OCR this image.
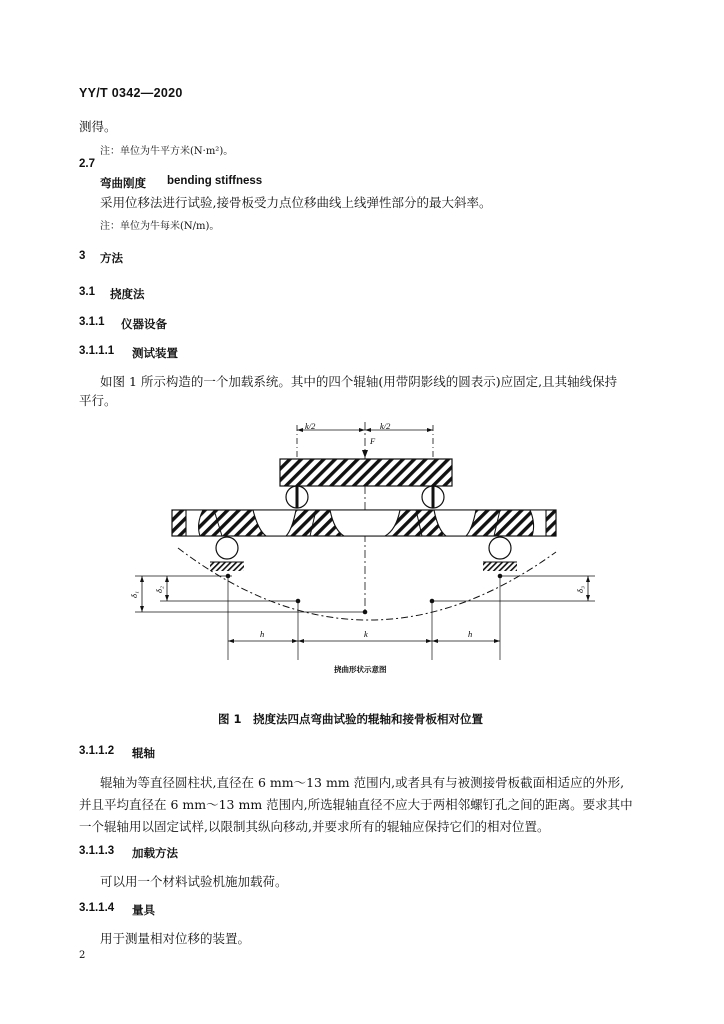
YY/T 0342—2020
测得。
注：单位为牛平方米(N·m²)。
2.7
弯曲刚度 bending stiffness
采用位移法进行试验,接骨板受力点位移曲线上线弹性部分的最大斜率。
注：单位为牛每米(N/m)。
3 方法
3.1 挠度法
3.1.1 仪器设备
3.1.1.1 测试装置
如图 1 所示构造的一个加载系统。其中的四个辊轴(用带阴影线的圆表示)应固定,且其轴线保持
平行。
k/2	k/2
F
δ₁
δ₂	δ₃
h	k	h
挠曲形状示意图
图 1　挠度法四点弯曲试验的辊轴和接骨板相对位置
3.1.1.2 辊轴
辊轴为等直径圆柱状,直径在 6 mm～13 mm 范围内,或者具有与被测接骨板截面相适应的外形,
并且平均直径在 6 mm～13 mm 范围内,所选辊轴直径不应大于两相邻螺钉孔之间的距离。要求其中
一个辊轴用以固定试样,以限制其纵向移动,并要求所有的辊轴应保持它们的相对位置。
3.1.1.3 加载方法
可以用一个材料试验机施加载荷。
3.1.1.4 量具
用于测量相对位移的装置。
2
